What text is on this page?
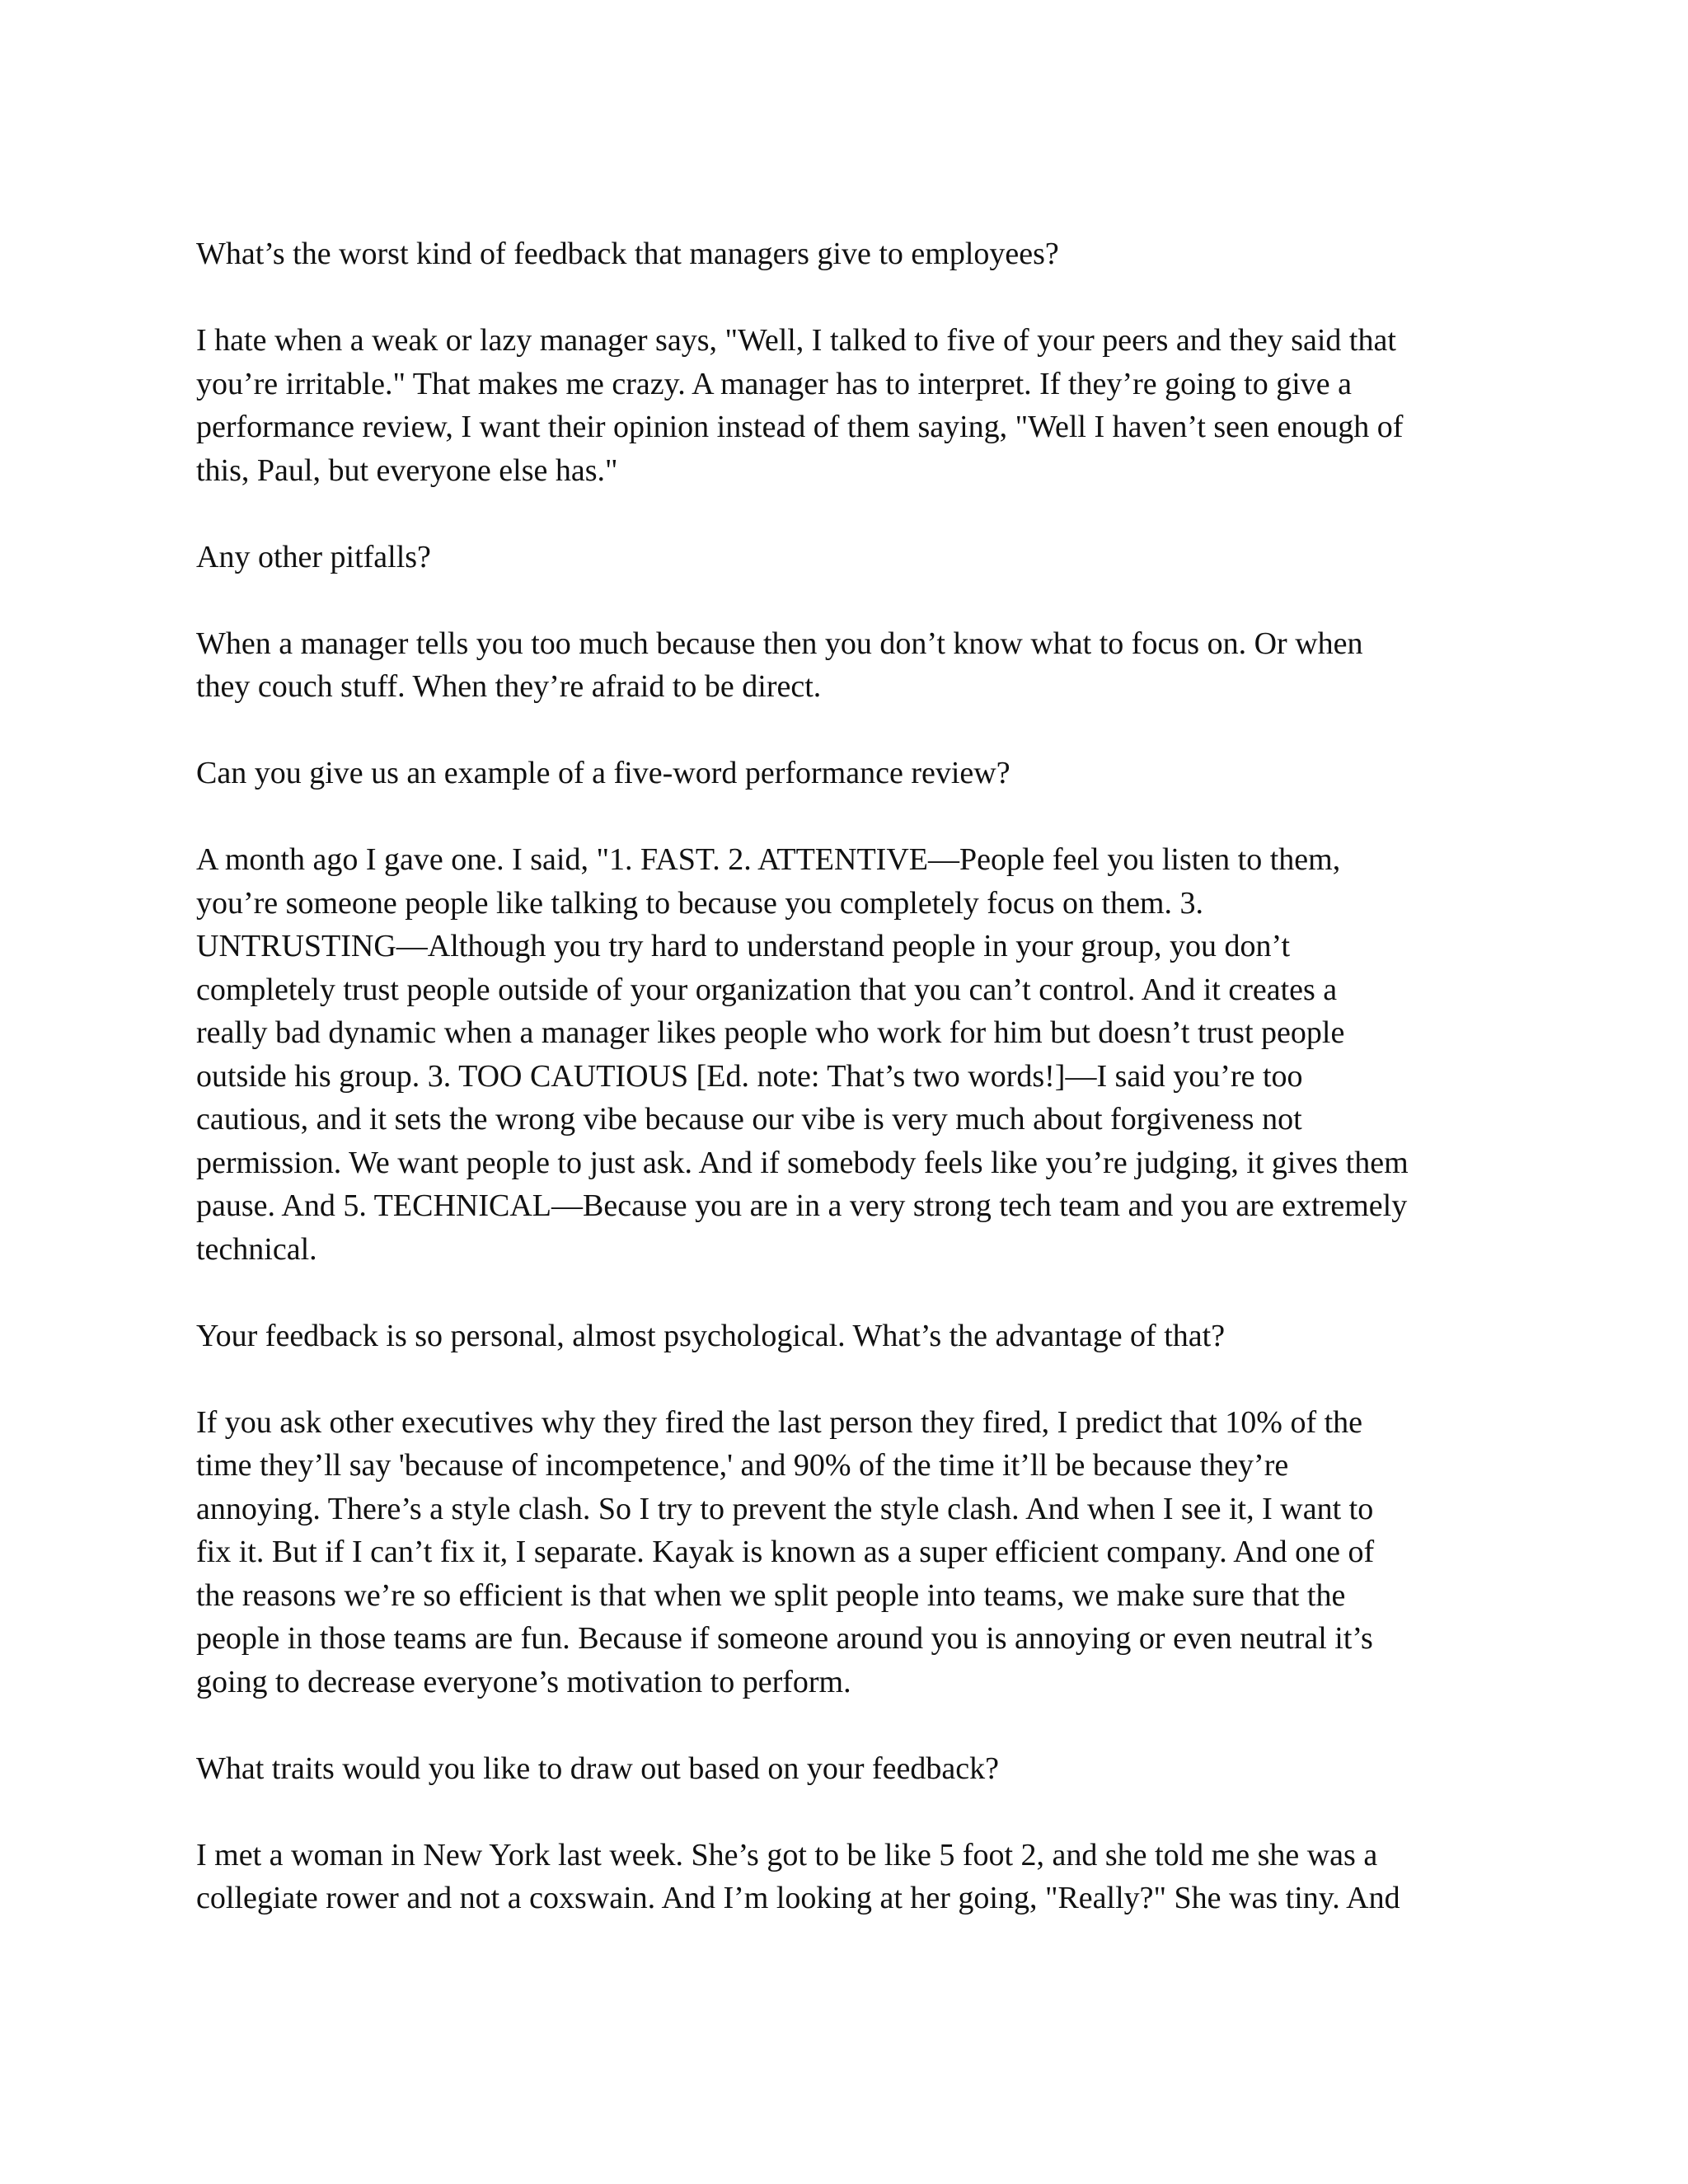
What’s the worst kind of feedback that managers give to employees?
I hate when a weak or lazy manager says, "Well, I talked to five of your peers and they said that
you’re irritable." That makes me crazy. A manager has to interpret. If they’re going to give a
performance review, I want their opinion instead of them saying, "Well I haven’t seen enough of
this, Paul, but everyone else has."
Any other pitfalls?
When a manager tells you too much because then you don’t know what to focus on. Or when
they couch stuff. When they’re afraid to be direct.
Can you give us an example of a five-word performance review?
A month ago I gave one. I said, "1. FAST. 2. ATTENTIVE—People feel you listen to them,
you’re someone people like talking to because you completely focus on them. 3.
UNTRUSTING—Although you try hard to understand people in your group, you don’t
completely trust people outside of your organization that you can’t control. And it creates a
really bad dynamic when a manager likes people who work for him but doesn’t trust people
outside his group. 3. TOO CAUTIOUS [Ed. note: That’s two words!]—I said you’re too
cautious, and it sets the wrong vibe because our vibe is very much about forgiveness not
permission. We want people to just ask. And if somebody feels like you’re judging, it gives them
pause. And 5. TECHNICAL—Because you are in a very strong tech team and you are extremely
technical.
Your feedback is so personal, almost psychological. What’s the advantage of that?
If you ask other executives why they fired the last person they fired, I predict that 10% of the
time they’ll say 'because of incompetence,' and 90% of the time it’ll be because they’re
annoying. There’s a style clash. So I try to prevent the style clash. And when I see it, I want to
fix it. But if I can’t fix it, I separate. Kayak is known as a super efficient company. And one of
the reasons we’re so efficient is that when we split people into teams, we make sure that the
people in those teams are fun. Because if someone around you is annoying or even neutral it’s
going to decrease everyone’s motivation to perform.
What traits would you like to draw out based on your feedback?
I met a woman in New York last week. She’s got to be like 5 foot 2, and she told me she was a
collegiate rower and not a coxswain. And I’m looking at her going, "Really?" She was tiny. And
